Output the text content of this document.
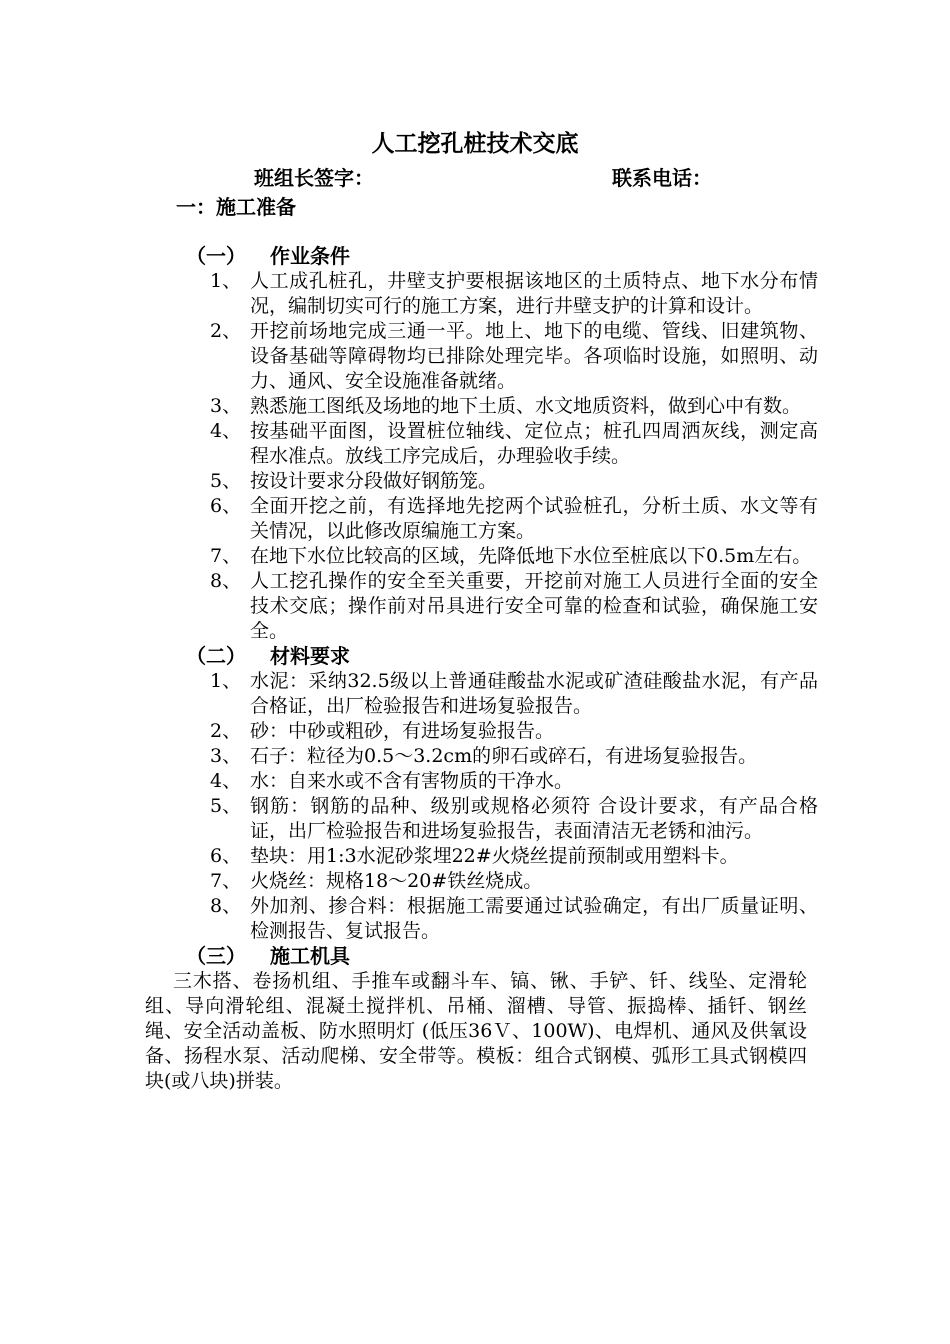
人工挖孔桩技术交底
班组长签字：	联系电话：
一：施工准备
（一） 作业条件
1、 人工成孔桩孔，井壁支护要根据该地区的土质特点、地下水分布情况，编制切实可行的施工方案，进行井壁支护的计算和设计。
2、 开挖前场地完成三通一平。地上、地下的电缆、管线、旧建筑物、设备基础等障碍物均已排除处理完毕。各项临时设施，如照明、动力、通风、安全设施准备就绪。
3、 熟悉施工图纸及场地的地下土质、水文地质资料，做到心中有数。
4、 按基础平面图，设置桩位轴线、定位点；桩孔四周洒灰线，测定高程水准点。放线工序完成后，办理验收手续。
5、 按设计要求分段做好钢筋笼。
6、 全面开挖之前，有选择地先挖两个试验桩孔，分析土质、水文等有关情况，以此修改原编施工方案。
7、 在地下水位比较高的区域，先降低地下水位至桩底以下0.5m左右。
8、 人工挖孔操作的安全至关重要，开挖前对施工人员进行全面的安全技术交底；操作前对吊具进行安全可靠的检查和试验，确保施工安全。
（二） 材料要求
1、 水泥：采纳32.5级以上普通硅酸盐水泥或矿渣硅酸盐水泥，有产品合格证，出厂检验报告和进场复验报告。
2、 砂：中砂或粗砂，有进场复验报告。
3、 石子：粒径为0.5～3.2cm的卵石或碎石，有进场复验报告。
4、 水：自来水或不含有害物质的干净水。
5、 钢筋：钢筋的品种、级别或规格必须符 合设计要求，有产品合格证，出厂检验报告和进场复验报告，表面清洁无老锈和油污。
6、 垫块：用1:3水泥砂浆埋22#火烧丝提前预制或用塑料卡。
7、 火烧丝：规格18～20#铁丝烧成。
8、 外加剂、掺合料：根据施工需要通过试验确定，有出厂质量证明、检测报告、复试报告。
（三） 施工机具
三木搭、卷扬机组、手推车或翻斗车、镐、锹、手铲、钎、线坠、定滑轮组、导向滑轮组、混凝土搅拌机、吊桶、溜槽、导管、振捣棒、插钎、钢丝绳、安全活动盖板、防水照明灯 (低压36Ｖ、100W)、电焊机、通风及供氧设备、扬程水泵、活动爬梯、安全带等。模板：组合式钢模、弧形工具式钢模四块(或八块)拼装。
